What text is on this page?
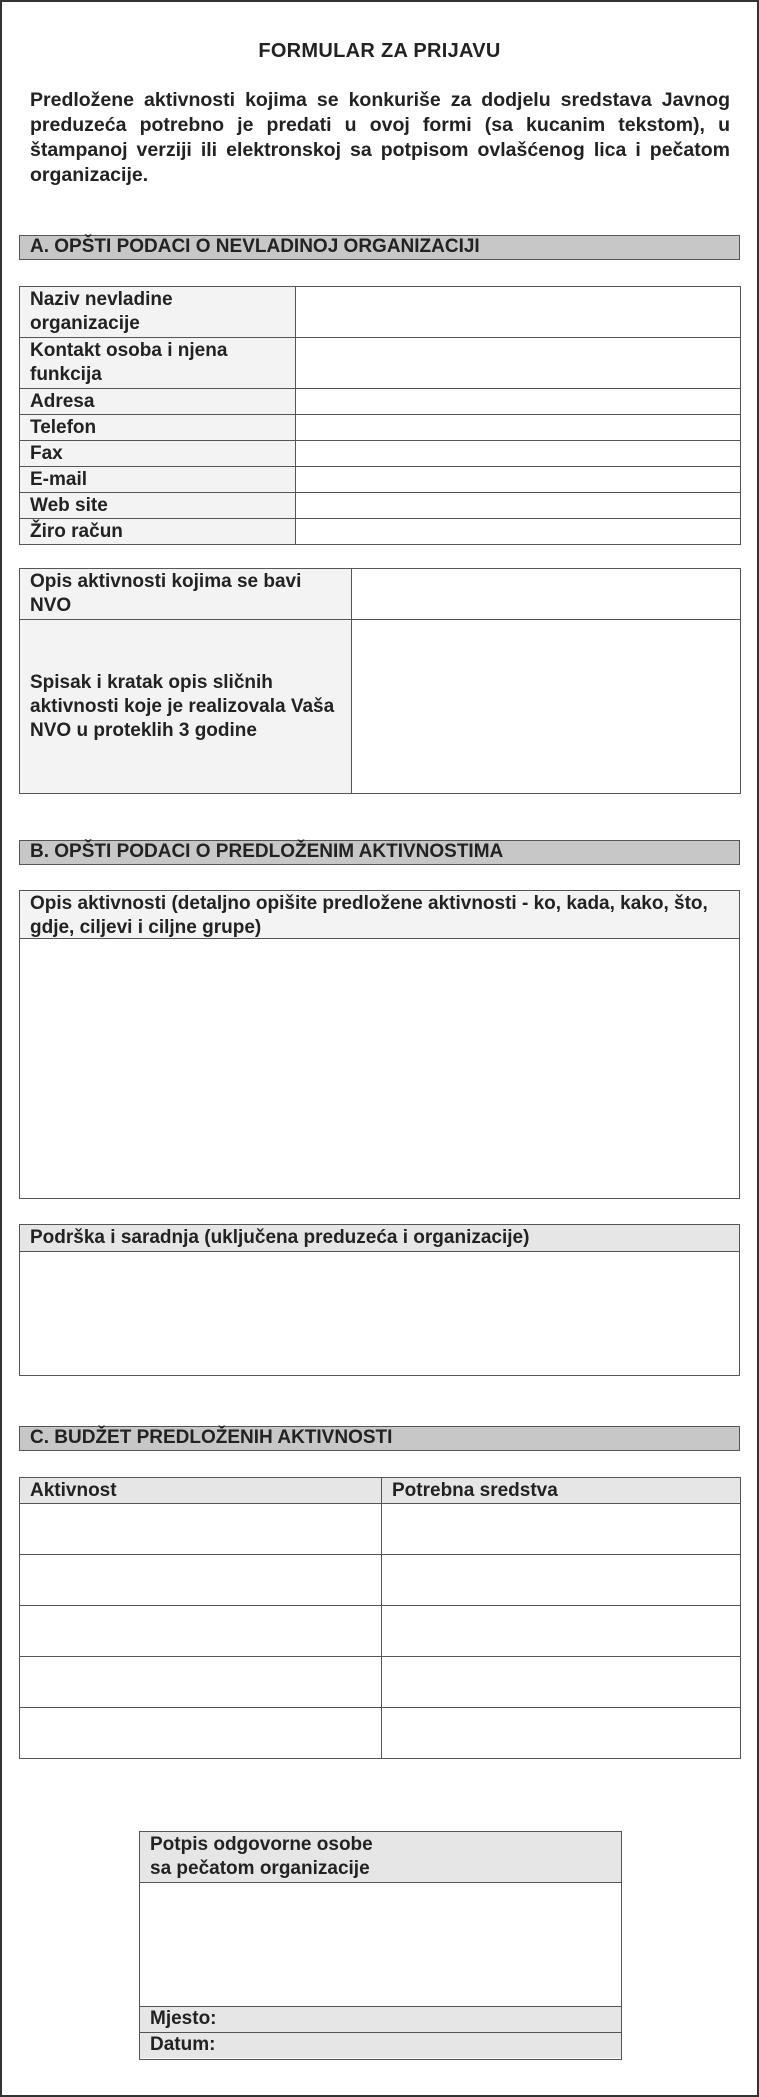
FORMULAR ZA PRIJAVU
Predložene aktivnosti kojima se konkuriše za dodjelu sredstava Javnog preduzeća potrebno je predati u ovoj formi (sa kucanim tekstom), u štampanoj verziji ili elektronskoj sa potpisom ovlašćenog lica i pečatom organizacije.
A. OPŠTI PODACI O NEVLADINOJ ORGANIZACIJI
Naziv nevladine organizacije	
Kontakt osoba i njena funkcija	
Adresa	
Telefon	
Fax	
E-mail	
Web site	
Žiro račun	
Opis aktivnosti kojima se bavi NVO	
Spisak i kratak opis sličnih aktivnosti koje je realizovala Vaša NVO u proteklih 3 godine	
B. OPŠTI PODACI O PREDLOŽENIM AKTIVNOSTIMA
Opis aktivnosti (detaljno opišite predložene aktivnosti - ko, kada, kako, što, gdje, ciljevi i ciljne grupe)
Podrška i saradnja (uključena preduzeća i organizacije)
C. BUDŽET PREDLOŽENIH AKTIVNOSTI
Aktivnost	Potrebna sredstva

Potpis odgovorne osobe
sa pečatom organizacije
Mjesto:
Datum:
